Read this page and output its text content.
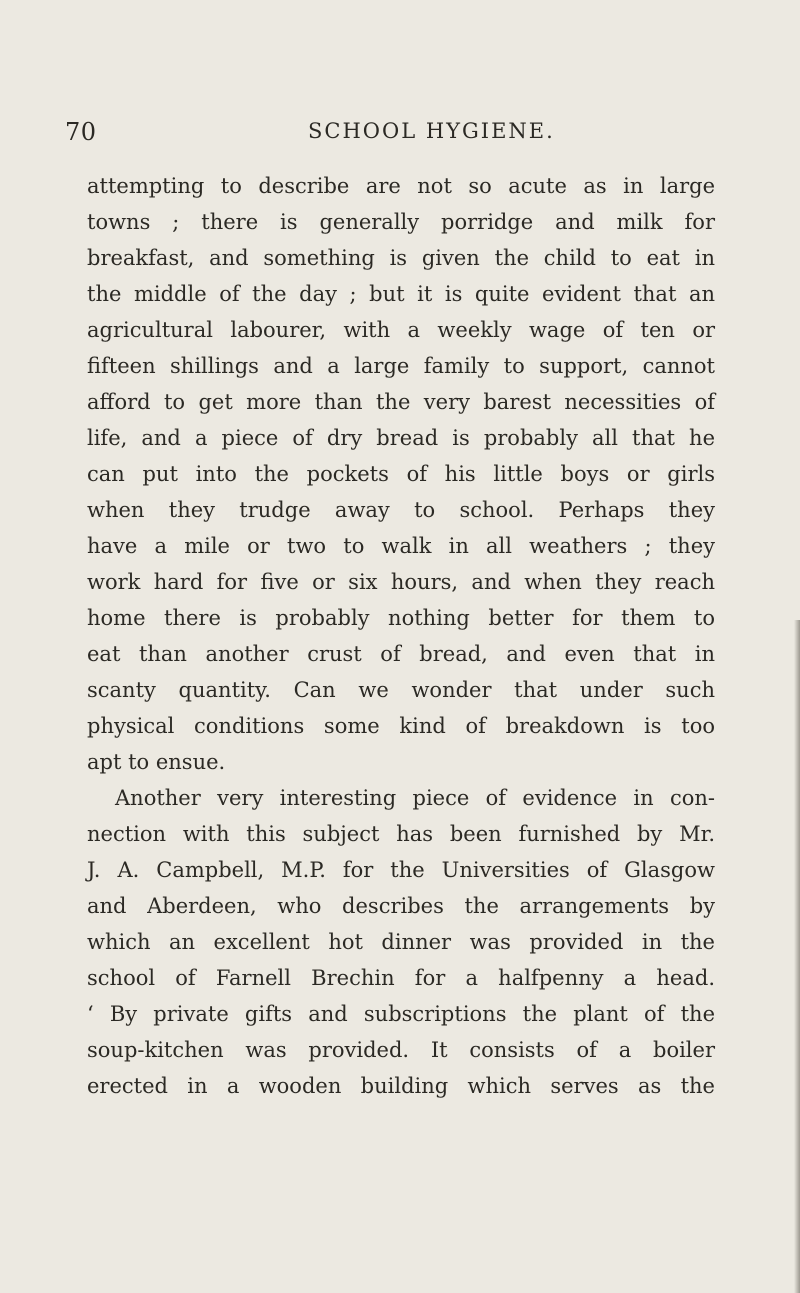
70	SCHOOL HYGIENE.
attempting to describe are not so acute as in large
towns ; there is generally porridge and milk for
breakfast, and something is given the child to eat in
the middle of the day ; but it is quite evident that an
agricultural labourer, with a weekly wage of ten or
fifteen shillings and a large family to support, cannot
afford to get more than the very barest necessities of
life, and a piece of dry bread is probably all that he
can put into the pockets of his little boys or girls
when they trudge away to school. Perhaps they
have a mile or two to walk in all weathers ; they
work hard for five or six hours, and when they reach
home there is probably nothing better for them to
eat than another crust of bread, and even that in
scanty quantity. Can we wonder that under such
physical conditions some kind of breakdown is too
apt to ensue.
Another very interesting piece of evidence in con-
nection with this subject has been furnished by Mr.
J. A. Campbell, M.P. for the Universities of Glasgow
and Aberdeen, who describes the arrangements by
which an excellent hot dinner was provided in the
school of Farnell Brechin for a halfpenny a head.
‘ By private gifts and subscriptions the plant of the
soup-kitchen was provided. It consists of a boiler
erected in a wooden building which serves as the
